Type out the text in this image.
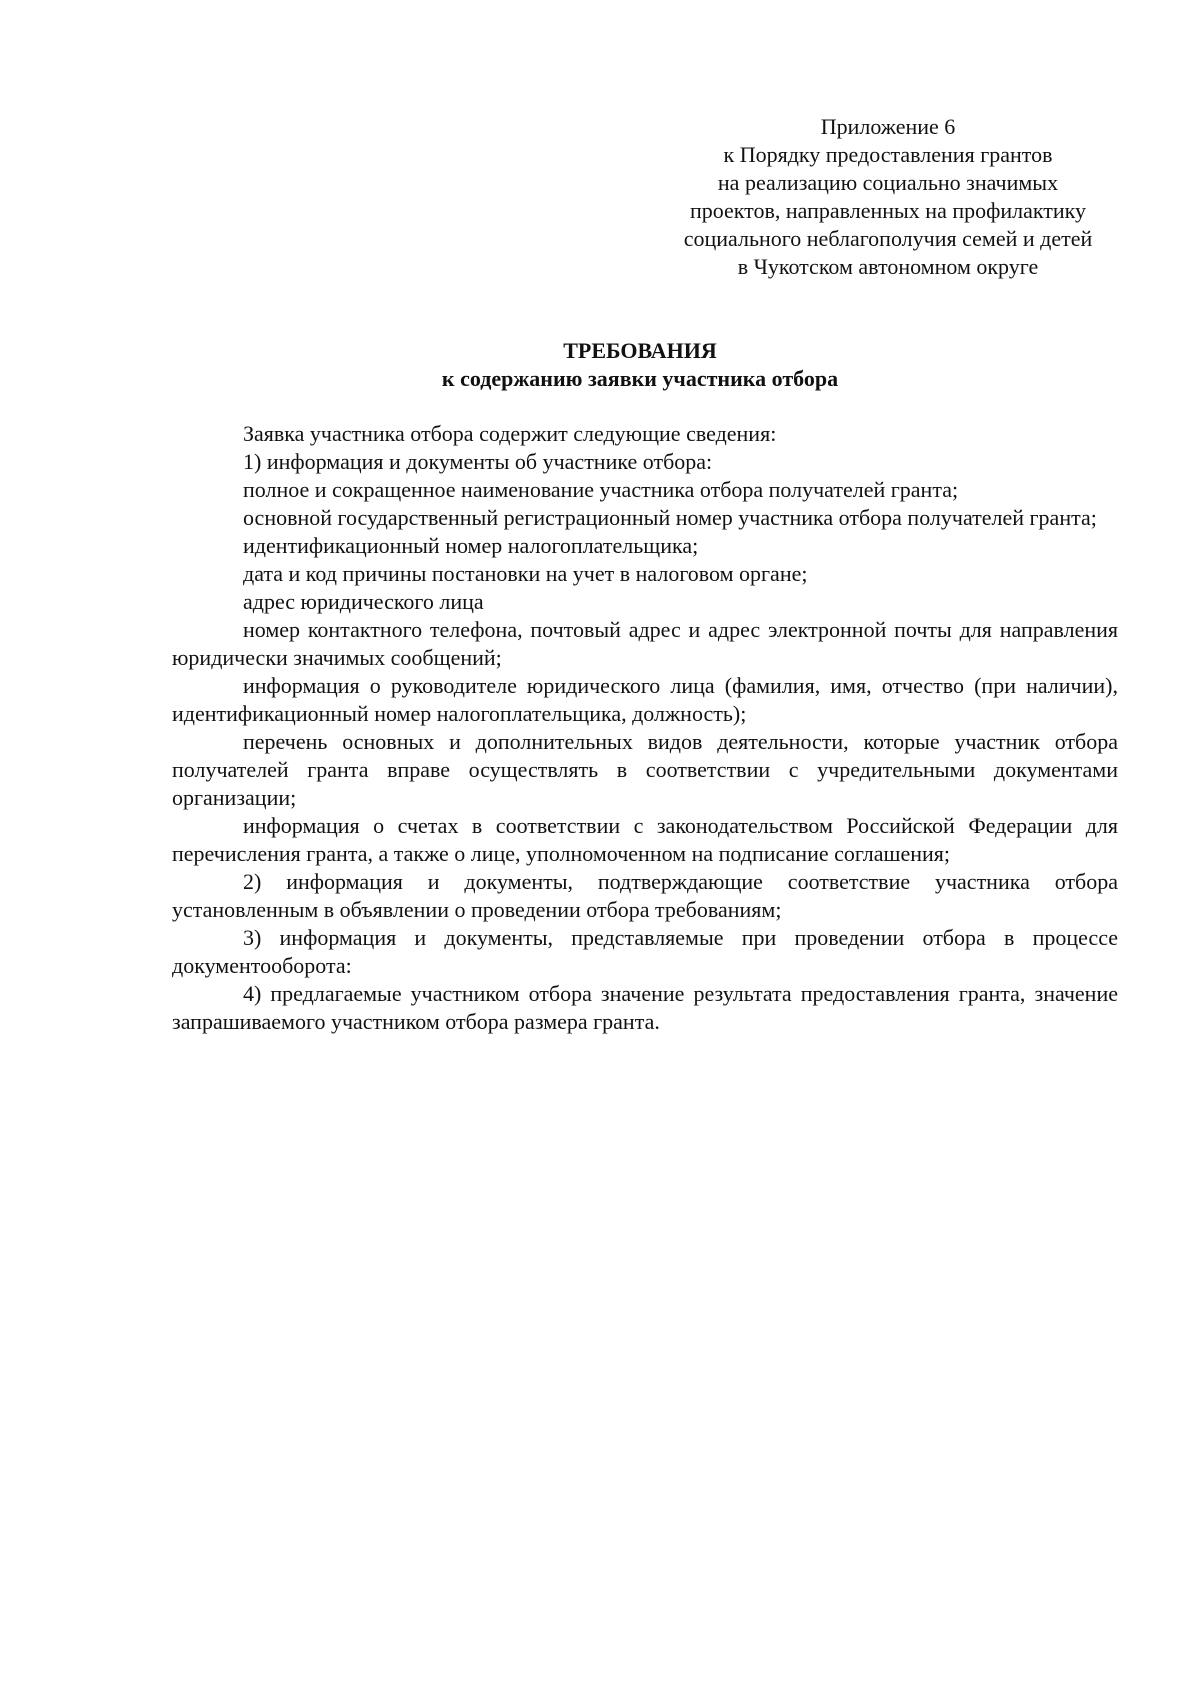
Приложение 6
к Порядку предоставления грантов
на реализацию социально значимых
проектов, направленных на профилактику
социального неблагополучия семей и детей
в Чукотском автономном округе
ТРЕБОВАНИЯ
к содержанию заявки участника отбора

Заявка участника отбора содержит следующие сведения:

1) информация и документы об участнике отбора:

полное и сокращенное наименование участника отбора получателей гранта;

основной государственный регистрационный номер участника отбора получателей гранта;

идентификационный номер налогоплательщика;

дата и код причины постановки на учет в налоговом органе;

адрес юридического лица

номер контактного телефона, почтовый адрес и адрес электронной почты для направления юридически значимых сообщений;

информация о руководителе юридического лица (фамилия, имя, отчество (при наличии), идентификационный номер налогоплательщика, должность);

перечень основных и дополнительных видов деятельности, которые участник отбора получателей гранта вправе осуществлять в соответствии с учредительными документами организации;

информация о счетах в соответствии с законодательством Российской Федерации для перечисления гранта, а также о лице, уполномоченном на подписание соглашения;

2) информация и документы, подтверждающие соответствие участника отбора установленным в объявлении о проведении отбора требованиям;

3) информация и документы, представляемые при проведении отбора в процессе документооборота:

4) предлагаемые участником отбора значение результата предоставления гранта, значение запрашиваемого участником отбора размера гранта.
